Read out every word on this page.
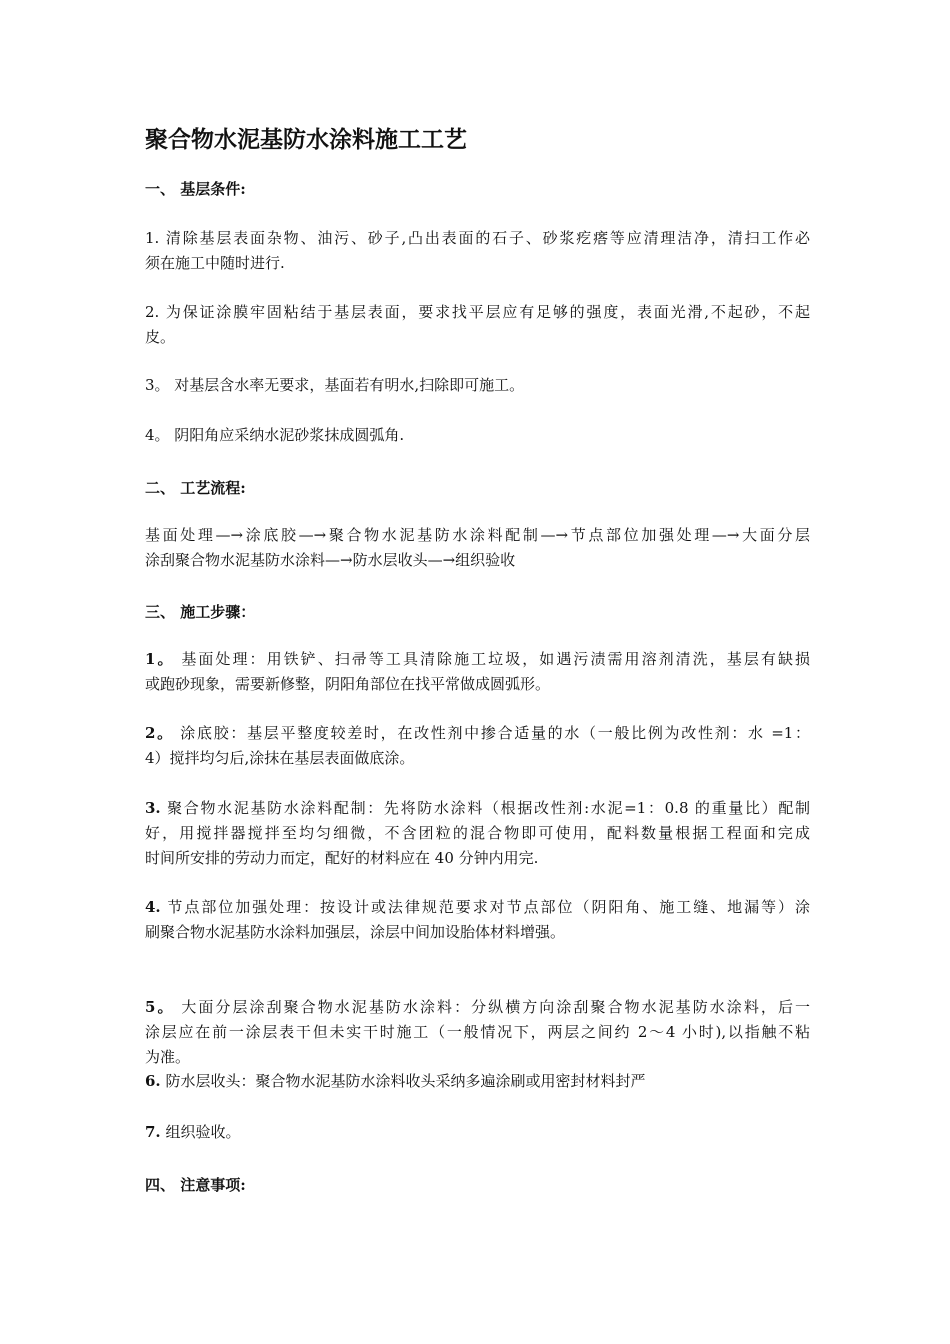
聚合物水泥基防水涂料施工工艺
一、 基层条件:
1. 清除基层表面杂物、油污、砂子,凸出表面的石子、砂浆疙瘩等应清理洁净，清扫工作必
须在施工中随时进行.
2. 为保证涂膜牢固粘结于基层表面，要求找平层应有足够的强度，表面光滑,不起砂，不起
皮。
3。 对基层含水率无要求，基面若有明水,扫除即可施工。
4。 阴阳角应采纳水泥砂浆抹成圆弧角.
二、 工艺流程:
基面处理—→涂底胶—→聚合物水泥基防水涂料配制—→节点部位加强处理—→大面分层
涂刮聚合物水泥基防水涂料—→防水层收头—→组织验收
三、 施工步骤：
1。 基面处理：用铁铲、扫帚等工具清除施工垃圾，如遇污渍需用溶剂清洗，基层有缺损
或跑砂现象，需要新修整，阴阳角部位在找平常做成圆弧形。
2。 涂底胶：基层平整度较差时，在改性剂中掺合适量的水（一般比例为改性剂：水 =1：
4）搅拌均匀后,涂抹在基层表面做底涂。
3. 聚合物水泥基防水涂料配制：先将防水涂料（根据改性剂:水泥=1：0.8 的重量比）配制
好，用搅拌器搅拌至均匀细微，不含团粒的混合物即可使用，配料数量根据工程面和完成
时间所安排的劳动力而定，配好的材料应在 40 分钟内用完.
4. 节点部位加强处理：按设计或法律规范要求对节点部位（阴阳角、施工缝、地漏等）涂
刷聚合物水泥基防水涂料加强层，涂层中间加设胎体材料增强。
5。 大面分层涂刮聚合物水泥基防水涂料：分纵横方向涂刮聚合物水泥基防水涂料，后一
涂层应在前一涂层表干但未实干时施工（一般情况下，两层之间约 2～4 小时),以指触不粘
为准。
6. 防水层收头：聚合物水泥基防水涂料收头采纳多遍涂刷或用密封材料封严
7. 组织验收。
四、 注意事项:
